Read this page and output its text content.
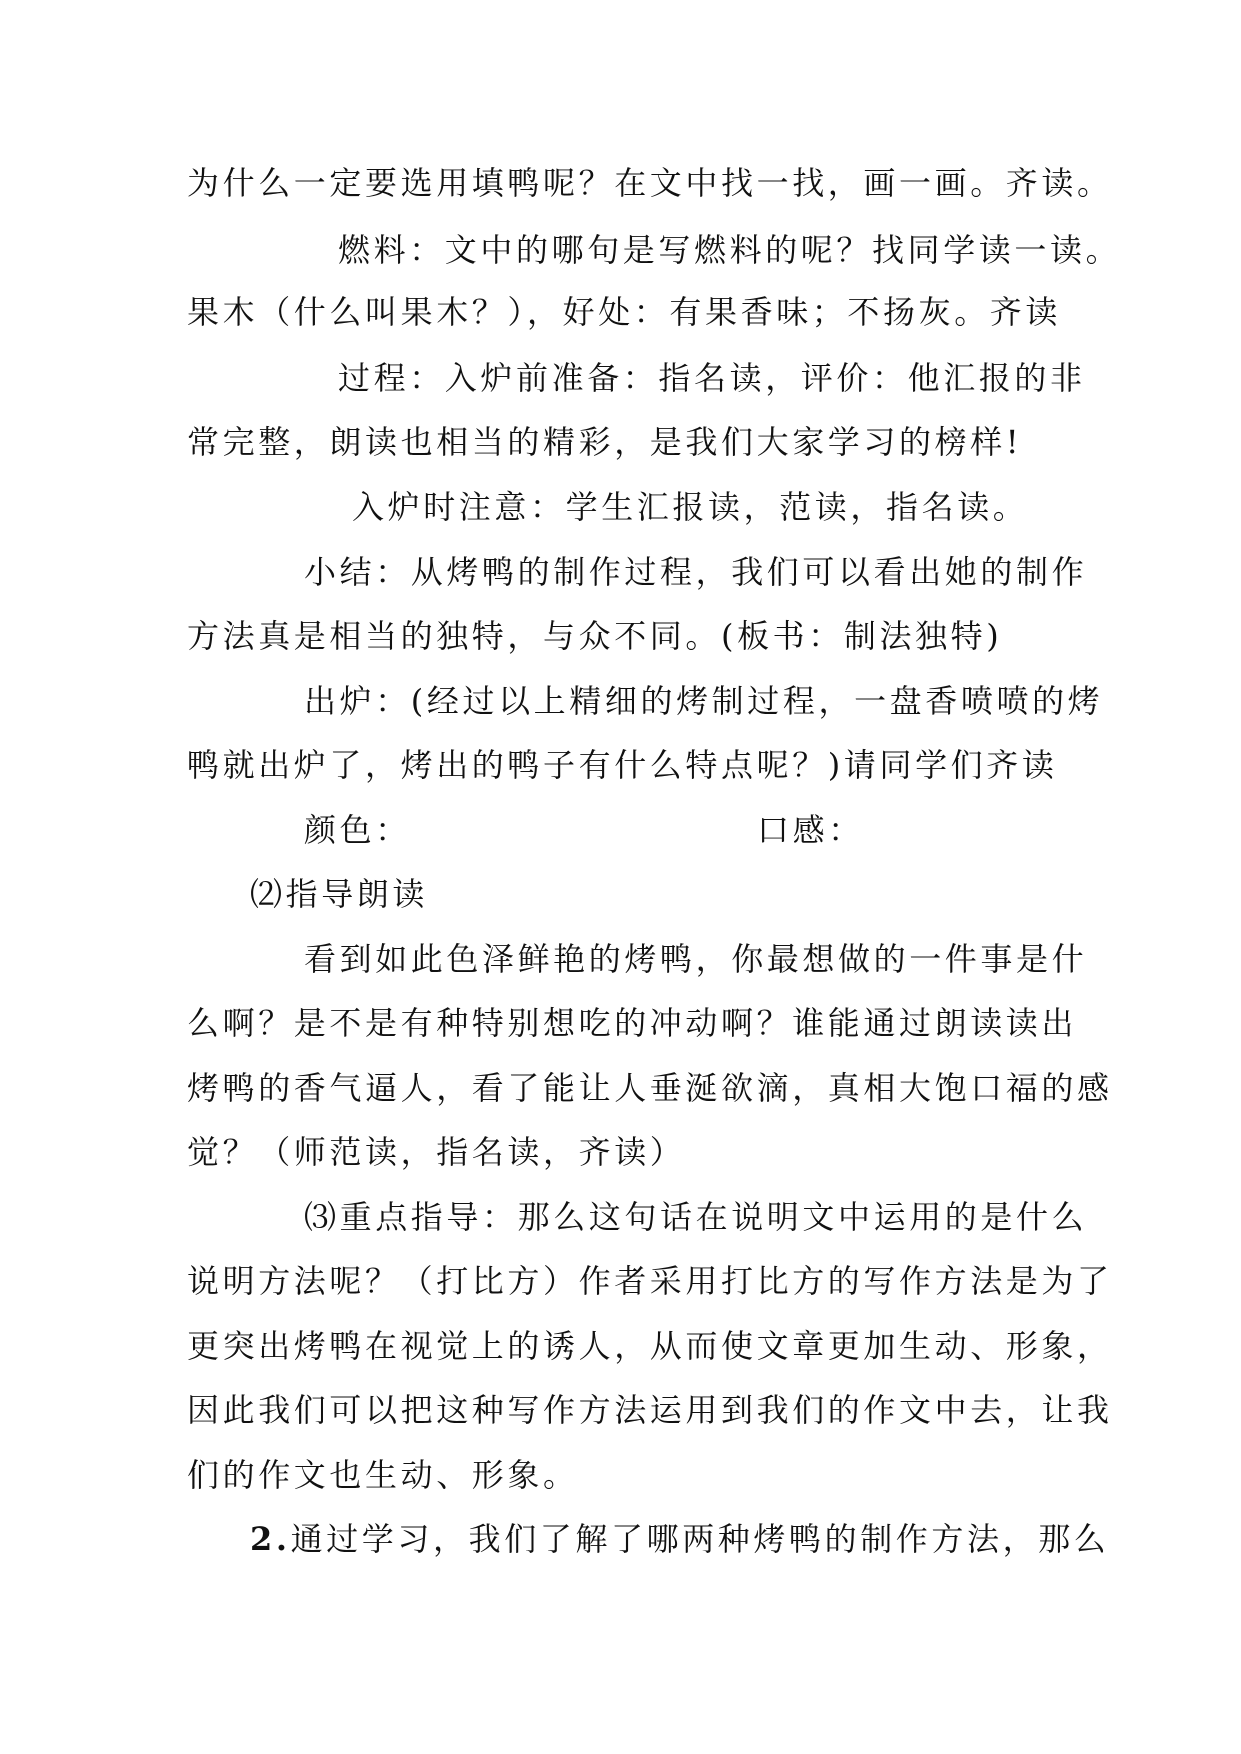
为什么一定要选用填鸭呢？在文中找一找，画一画。齐读。
燃料：文中的哪句是写燃料的呢？找同学读一读。
果木（什么叫果木？），好处：有果香味；不扬灰。齐读
过程：入炉前准备：指名读，评价：他汇报的非
常完整，朗读也相当的精彩，是我们大家学习的榜样!
入炉时注意：学生汇报读，范读，指名读。
小结：从烤鸭的制作过程，我们可以看出她的制作
方法真是相当的独特，与众不同。(板书：制法独特)
出炉：(经过以上精细的烤制过程，一盘香喷喷的烤
鸭就出炉了，烤出的鸭子有什么特点呢？)请同学们齐读
颜色：	口感：
⑵指导朗读
看到如此色泽鲜艳的烤鸭，你最想做的一件事是什
么啊？是不是有种特别想吃的冲动啊？谁能通过朗读读出
烤鸭的香气逼人，看了能让人垂涎欲滴，真相大饱口福的感
觉？（师范读，指名读，齐读）
⑶重点指导：那么这句话在说明文中运用的是什么
说明方法呢？（打比方）作者采用打比方的写作方法是为了
更突出烤鸭在视觉上的诱人，从而使文章更加生动、形象，
因此我们可以把这种写作方法运用到我们的作文中去，让我
们的作文也生动、形象。
2.通过学习，我们了解了哪两种烤鸭的制作方法，那么
